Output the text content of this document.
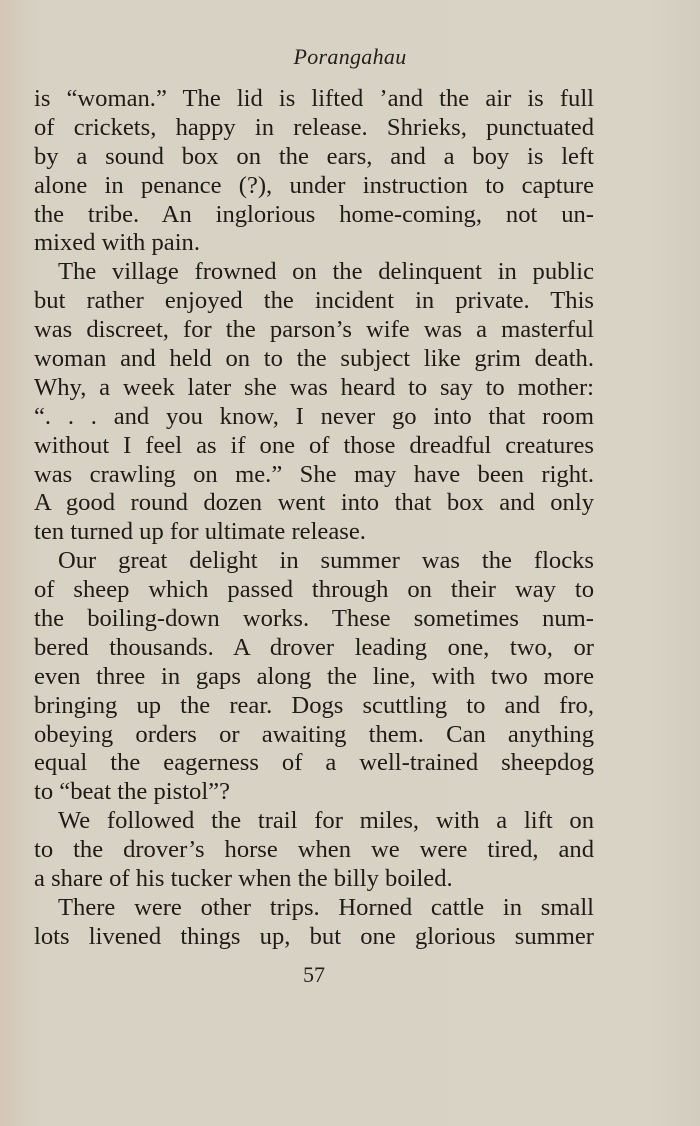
Porangahau
is “woman.” The lid is lifted ’and the air is full
of crickets, happy in release. Shrieks, punctuated
by a sound box on the ears, and a boy is left
alone in penance (?), under instruction to capture
the tribe. An inglorious home-coming, not un-
mixed with pain.
The village frowned on the delinquent in public
but rather enjoyed the incident in private. This
was discreet, for the parson’s wife was a masterful
woman and held on to the subject like grim death.
Why, a week later she was heard to say to mother:
“. . . and you know, I never go into that room
without I feel as if one of those dreadful creatures
was crawling on me.” She may have been right.
A good round dozen went into that box and only
ten turned up for ultimate release.
Our great delight in summer was the flocks
of sheep which passed through on their way to
the boiling-down works. These sometimes num-
bered thousands. A drover leading one, two, or
even three in gaps along the line, with two more
bringing up the rear. Dogs scuttling to and fro,
obeying orders or awaiting them. Can anything
equal the eagerness of a well-trained sheepdog
to “beat the pistol”?
We followed the trail for miles, with a lift on
to the drover’s horse when we were tired, and
a share of his tucker when the billy boiled.
There were other trips. Horned cattle in small
lots livened things up, but one glorious summer
57
